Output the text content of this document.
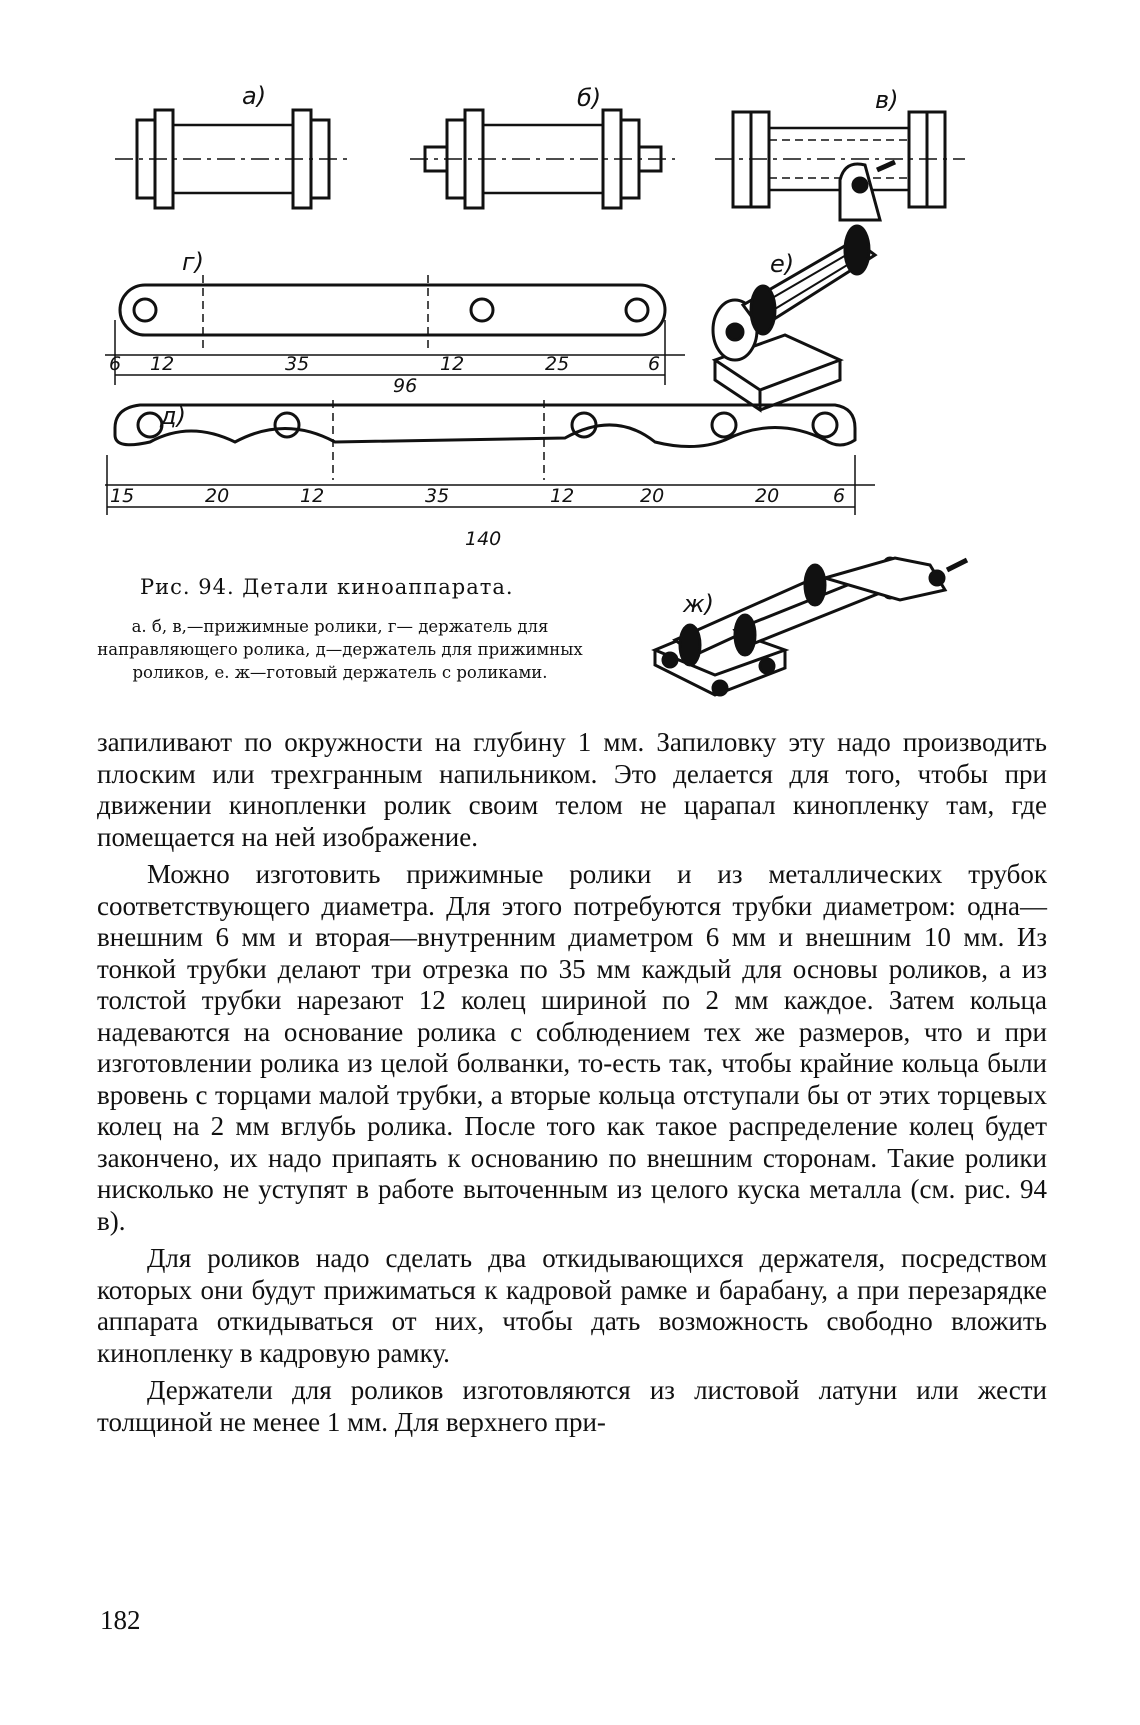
6 12	35	12	25	6
96
15	20	12	35	12	20	20	6
140
а)	б)	в)
г)	е)
д)
ж)
Рис. 94. Детали киноаппарата.
а. б, в,—прижимные ролики, г— держатель для направляющего ролика, д—держатель для прижимных роликов, е. ж—готовый держатель с роликами.

запиливают по окружности на глубину 1 мм. Запиловку эту надо производить плоским или трехгранным напильником. Это делается для того, чтобы при движении кинопленки ролик своим телом не царапал кинопленку там, где помещается на ней изображение.

Можно изготовить прижимные ролики и из металлических трубок соответствующего диаметра. Для этого потребуются трубки диаметром: одна—внешним 6 мм и вторая—внутренним диаметром 6 мм и внешним 10 мм. Из тонкой трубки делают три отрезка по 35 мм каждый для основы роликов, а из толстой трубки нарезают 12 колец шириной по 2 мм каждое. Затем кольца надеваются на основание ролика с соблюдением тех же размеров, что и при изготовлении ролика из целой болванки, то-есть так, чтобы крайние кольца были вровень с торцами малой трубки, а вторые кольца отступали бы от этих торцевых колец на 2 мм вглубь ролика. После того как такое распределение колец будет закончено, их надо припаять к основанию по внешним сторонам. Такие ролики нисколько не уступят в работе выточенным из целого куска металла (см. рис. 94 в).

Для роликов надо сделать два откидывающихся держателя, посредством которых они будут прижиматься к кадровой рамке и барабану, а при перезарядке аппарата откидываться от них, чтобы дать возможность свободно вложить кинопленку в кадровую рамку.

Держатели для роликов изготовляются из листовой латуни или жести толщиной не менее 1 мм. Для верхнего при-

182
